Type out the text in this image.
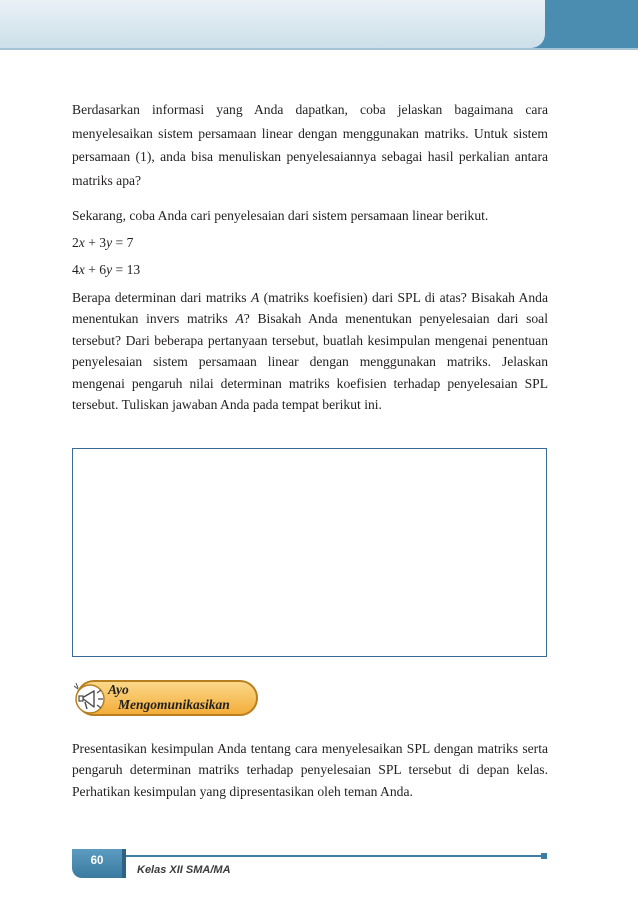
Berdasarkan informasi yang Anda dapatkan, coba jelaskan bagaimana cara menyelesaikan sistem persamaan linear dengan menggunakan matriks. Untuk sistem persamaan (1), anda bisa menuliskan penyelesaiannya sebagai hasil perkalian antara matriks apa?

Sekarang, coba Anda cari penyelesaian dari sistem persamaan linear berikut.

2x + 3y = 7

4x + 6y = 13

Berapa determinan dari matriks A (matriks koefisien) dari SPL di atas? Bisakah Anda menentukan invers matriks A? Bisakah Anda menentukan penyelesaian dari soal tersebut? Dari beberapa pertanyaan tersebut, buatlah kesimpulan mengenai penentuan penyelesaian sistem persamaan linear dengan menggunakan matriks. Jelaskan mengenai pengaruh nilai determinan matriks koefisien terhadap penyelesaian SPL tersebut. Tuliskan jawaban Anda pada tempat berikut ini.

Ayo
Mengomunikasikan

Presentasikan kesimpulan Anda tentang cara menyelesaikan SPL dengan matriks serta pengaruh determinan matriks terhadap penyelesaian SPL tersebut di depan kelas. Perhatikan kesimpulan yang dipresentasikan oleh teman Anda.

60
Kelas XII SMA/MA
